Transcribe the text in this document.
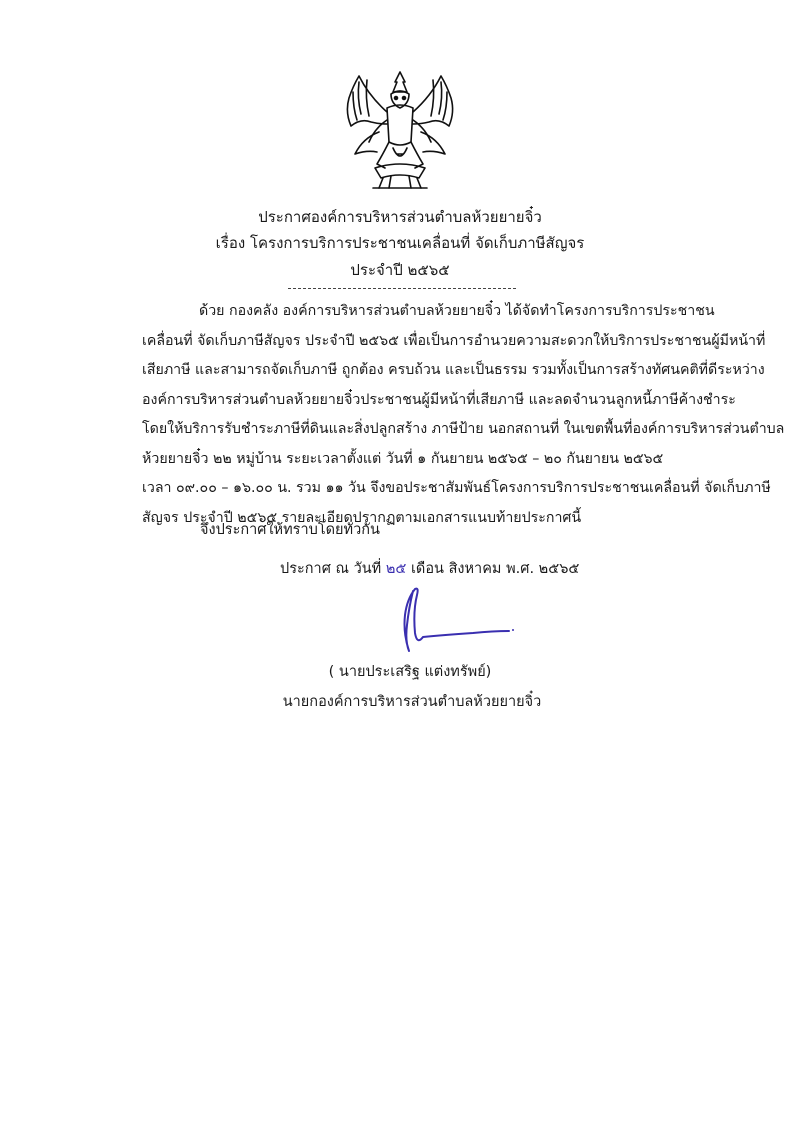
ประกาศองค์การบริหารส่วนตำบลห้วยยายจิ๋ว
เรื่อง โครงการบริการประชาชนเคลื่อนที่ จัดเก็บภาษีสัญจร
ประจำปี ๒๕๖๕
ด้วย กองคลัง องค์การบริหารส่วนตำบลห้วยยายจิ๋ว ได้จัดทำโครงการบริการประชาชน
เคลื่อนที่ จัดเก็บภาษีสัญจร ประจำปี ๒๕๖๕ เพื่อเป็นการอำนวยความสะดวกให้บริการประชาชนผู้มีหน้าที่
เสียภาษี และสามารถจัดเก็บภาษี ถูกต้อง ครบถ้วน และเป็นธรรม รวมทั้งเป็นการสร้างทัศนคติที่ดีระหว่าง
องค์การบริหารส่วนตำบลห้วยยายจิ๋วประชาชนผู้มีหน้าที่เสียภาษี และลดจำนวนลูกหนี้ภาษีค้างชำระ
โดยให้บริการรับชำระภาษีที่ดินและสิ่งปลูกสร้าง ภาษีป้าย นอกสถานที่ ในเขตพื้นที่องค์การบริหารส่วนตำบล
ห้วยยายจิ๋ว ๒๒ หมู่บ้าน ระยะเวลาตั้งแต่ วันที่ ๑ กันยายน ๒๕๖๕ – ๒๐ กันยายน ๒๕๖๕
เวลา ๐๙.๐๐ – ๑๖.๐๐ น. รวม ๑๑ วัน จึงขอประชาสัมพันธ์โครงการบริการประชาชนเคลื่อนที่ จัดเก็บภาษี
สัญจร ประจำปี ๒๕๖๕ รายละเอียดปรากฏตามเอกสารแนบท้ายประกาศนี้
จึงประกาศให้ทราบโดยทั่วกัน
ประกาศ ณ วันที่ ๒๕ เดือน สิงหาคม พ.ศ. ๒๕๖๕
( นายประเสริฐ แต่งทรัพย์)
นายกองค์การบริหารส่วนตำบลห้วยยายจิ๋ว
